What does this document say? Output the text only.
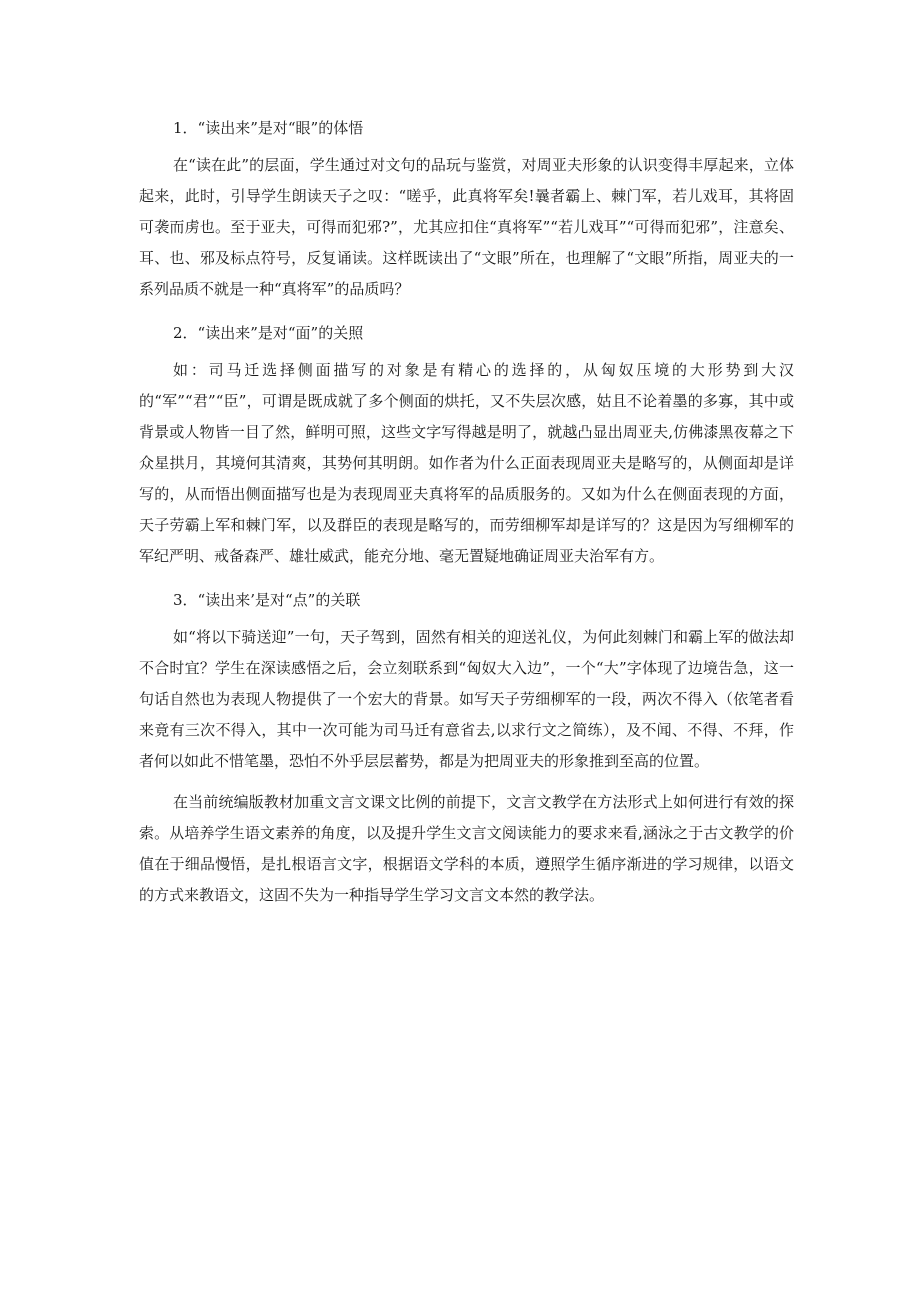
1．“读出来”是对“眼”的体悟

在“读在此”的层面，学生通过对文句的品玩与鉴赏，对周亚夫形象的认识变得丰厚起来，立体起来，此时，引导学生朗读天子之叹：“嗟乎，此真将军矣!曩者霸上、棘门军，若儿戏耳，其将固可袭而虏也。至于亚夫，可得而犯邪?”，尤其应扣住“真将军”“若儿戏耳”“可得而犯邪”，注意矣、耳、也、邪及标点符号，反复诵读。这样既读出了“文眼”所在，也理解了“文眼”所指，周亚夫的一系列品质不就是一种“真将军”的品质吗？

2．“读出来”是对“面”的关照

如：司马迁选择侧面描写的对象是有精心的选择的，从匈奴压境的大形势到大汉的“军”“君”“臣”，可谓是既成就了多个侧面的烘托，又不失层次感，姑且不论着墨的多寡，其中或背景或人物皆一目了然，鲜明可照，这些文字写得越是明了，就越凸显出周亚夫,仿佛漆黑夜幕之下众星拱月，其境何其清爽，其势何其明朗。如作者为什么正面表现周亚夫是略写的，从侧面却是详写的，从而悟出侧面描写也是为表现周亚夫真将军的品质服务的。又如为什么在侧面表现的方面，天子劳霸上军和棘门军，以及群臣的表现是略写的，而劳细柳军却是详写的？这是因为写细柳军的军纪严明、戒备森严、雄壮威武，能充分地、毫无置疑地确证周亚夫治军有方。

3．“读出来’是对“点”的关联

如“将以下骑送迎”一句，天子驾到，固然有相关的迎送礼仪，为何此刻棘门和霸上军的做法却不合时宜？学生在深读感悟之后，会立刻联系到“匈奴大入边”，一个“大”字体现了边境告急，这一句话自然也为表现人物提供了一个宏大的背景。如写天子劳细柳军的一段，两次不得入（依笔者看来竟有三次不得入，其中一次可能为司马迁有意省去,以求行文之简练），及不闻、不得、不拜，作者何以如此不惜笔墨，恐怕不外乎层层蓄势，都是为把周亚夫的形象推到至高的位置。

在当前统编版教材加重文言文课文比例的前提下，文言文教学在方法形式上如何进行有效的探索。从培养学生语文素养的角度，以及提升学生文言文阅读能力的要求来看,涵泳之于古文教学的价值在于细品慢悟，是扎根语言文字，根据语文学科的本质，遵照学生循序渐进的学习规律，以语文的方式来教语文，这固不失为一种指导学生学习文言文本然的教学法。
